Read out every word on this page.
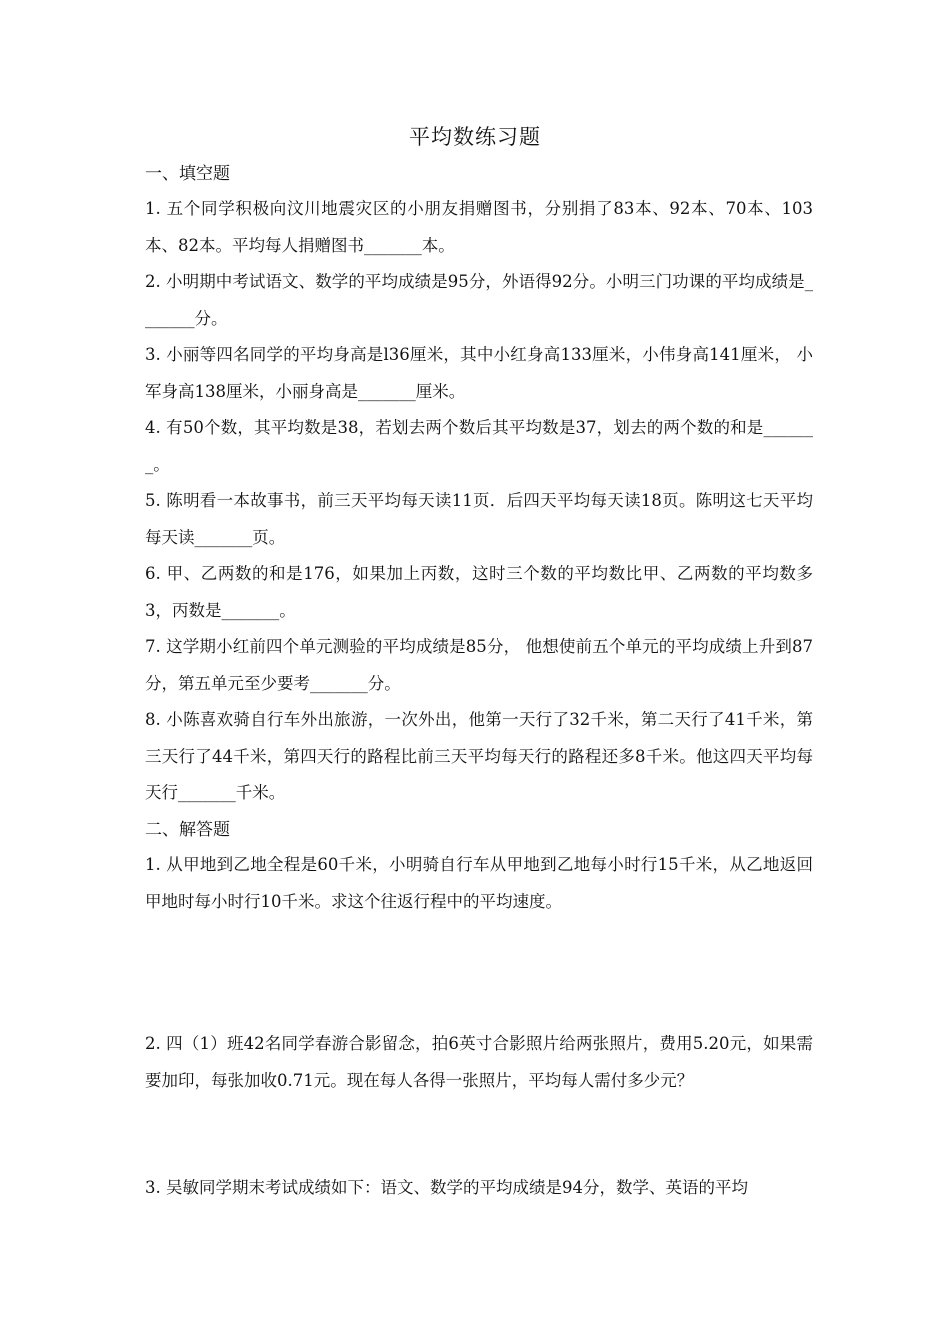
平均数练习题
一、填空题
1. 五个同学积极向汶川地震灾区的小朋友捐赠图书，分别捐了83本、92本、70本、103本、82本。平均每人捐赠图书_______本。
2. 小明期中考试语文、数学的平均成绩是95分，外语得92分。小明三门功课的平均成绩是_______分。
3. 小丽等四名同学的平均身高是l36厘米，其中小红身高133厘米，小伟身高141厘米， 小军身高138厘米，小丽身高是_______厘米。
4. 有50个数，其平均数是38，若划去两个数后其平均数是37，划去的两个数的和是_______。
5. 陈明看一本故事书，前三天平均每天读11页．后四天平均每天读18页。陈明这七天平均每天读_______页。
6. 甲、乙两数的和是176，如果加上丙数，这时三个数的平均数比甲、乙两数的平均数多3，丙数是_______。
7. 这学期小红前四个单元测验的平均成绩是85分， 他想使前五个单元的平均成绩上升到87分，第五单元至少要考_______分。
8. 小陈喜欢骑自行车外出旅游，一次外出，他第一天行了32千米，第二天行了41千米，第三天行了44千米，第四天行的路程比前三天平均每天行的路程还多8千米。他这四天平均每天行_______千米。
二、解答题
1. 从甲地到乙地全程是60千米，小明骑自行车从甲地到乙地每小时行15千米，从乙地返回甲地时每小时行10千米。求这个往返行程中的平均速度。
2. 四（1）班42名同学春游合影留念，拍6英寸合影照片给两张照片，费用5.20元，如果需要加印，每张加收0.71元。现在每人各得一张照片，平均每人需付多少元？
3. 吴敏同学期末考试成绩如下：语文、数学的平均成绩是94分，数学、英语的平均
